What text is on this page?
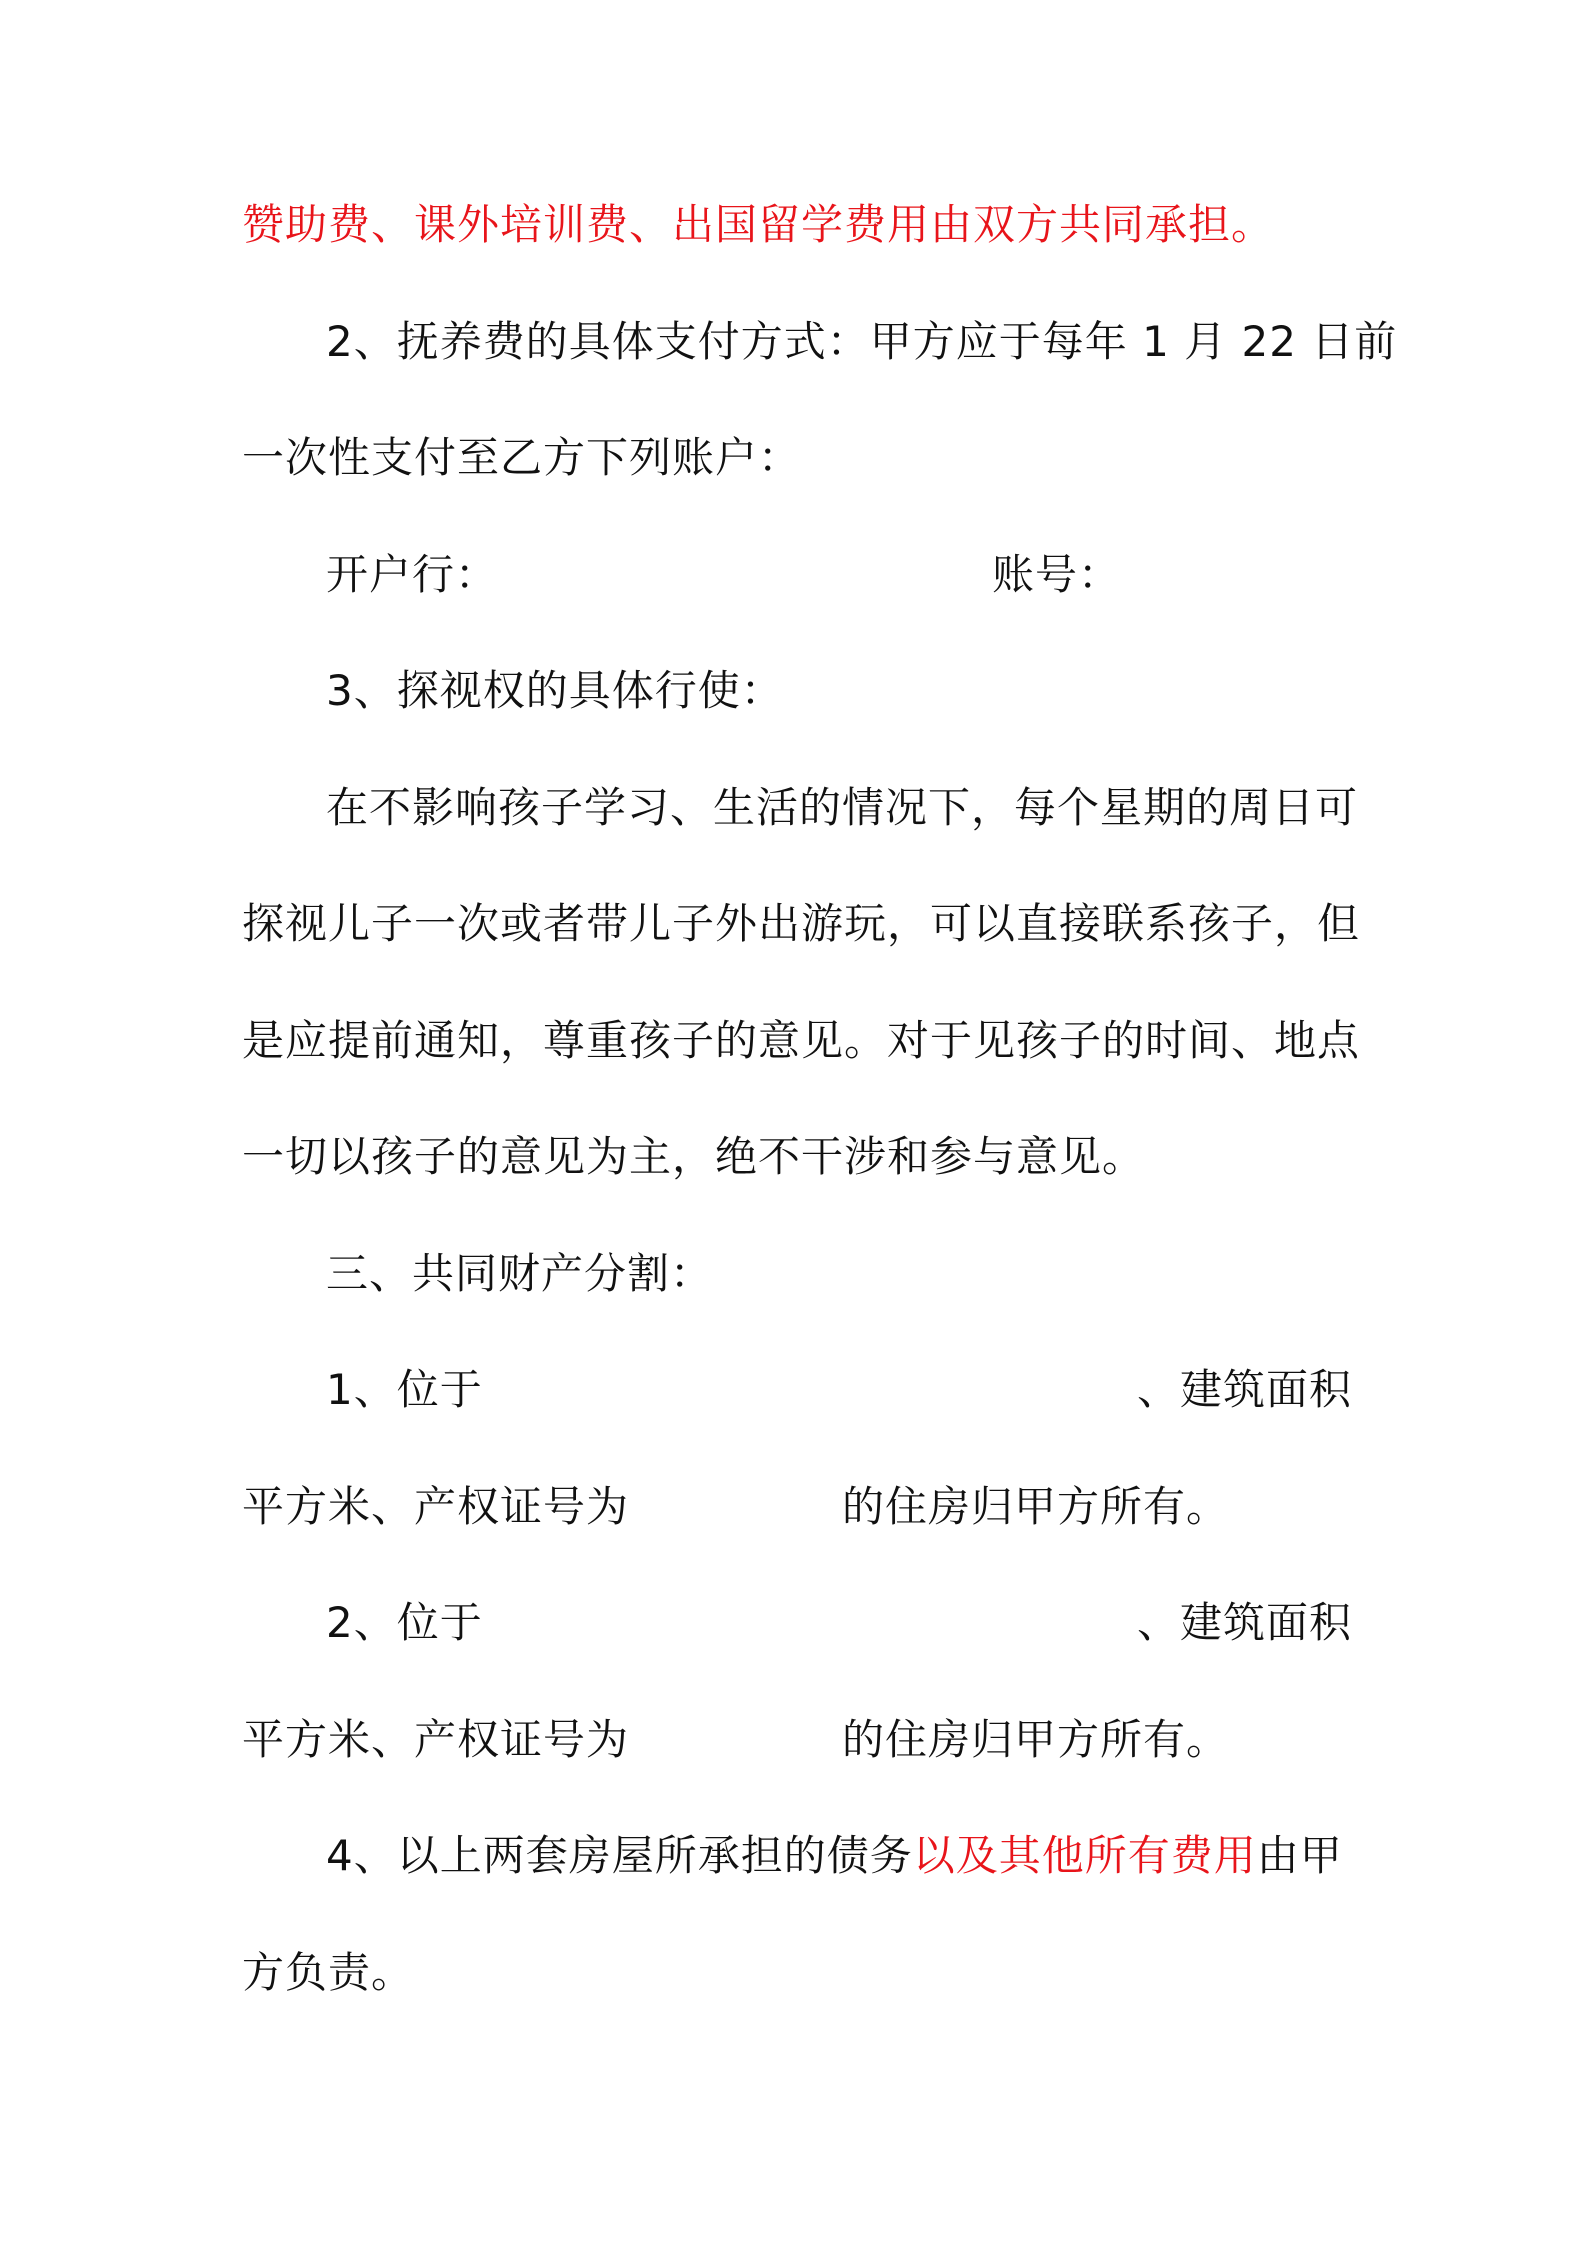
赞助费、课外培训费、出国留学费用由双方共同承担。
2、抚养费的具体支付方式：甲方应于每年 1 月 22 日前
一次性支付至乙方下列账户：
开户行：	账号：
3、探视权的具体行使：
在不影响孩子学习、生活的情况下，每个星期的周日可
探视儿子一次或者带儿子外出游玩，可以直接联系孩子，但
是应提前通知，尊重孩子的意见。对于见孩子的时间、地点
一切以孩子的意见为主，绝不干涉和参与意见。
三、共同财产分割：
1、位于	、建筑面积
平方米、产权证号为	的住房归甲方所有。
2、位于	、建筑面积
平方米、产权证号为	的住房归甲方所有。
4、以上两套房屋所承担的债务以及其他所有费用由甲
方负责。
